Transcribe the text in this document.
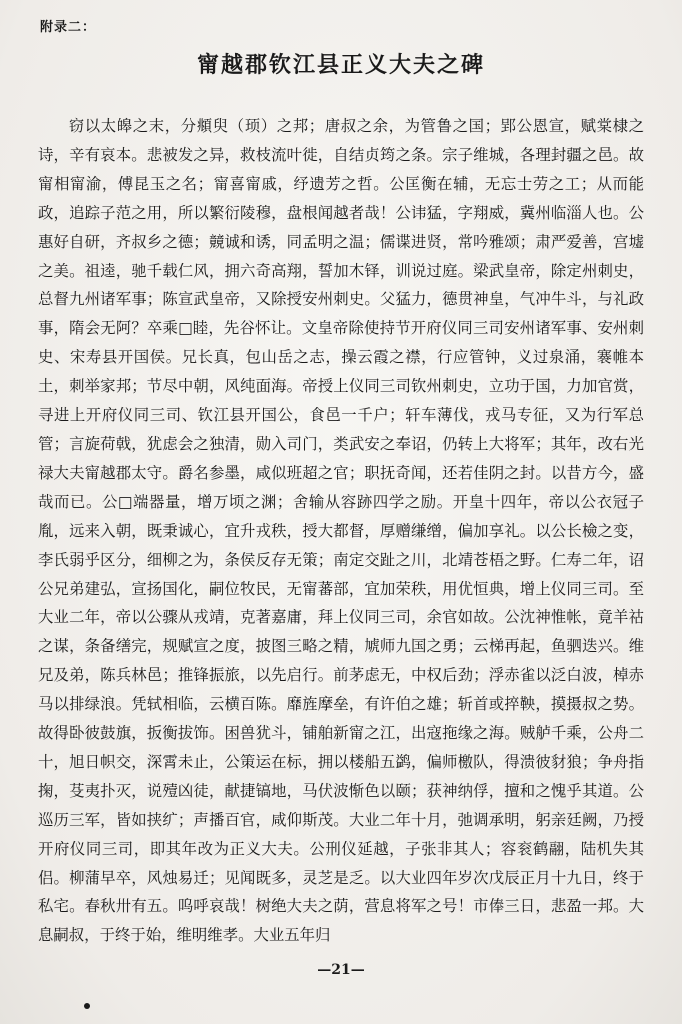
附录二：
甯越郡钦江县正义大夫之碑

窃以太皞之末，分頫臾（顼）之邦；唐叔之余，为管鲁之国；郢公恩宣，赋棠棣之诗，辛有哀本。悲被发之异，救枝流叶徙，自结贞筠之条。宗子维城，各理封疆之邑。故甯相甯渝，傅昆玉之名；甯喜甯戚，纾遗芳之哲。公匡衡在辅，无忘士劳之工；从而能政，追踪子范之用，所以繁衍陵穆，盘根闻越者哉！公讳猛，字翔威，冀州临淄人也。公惠好自研，齐叔乡之德；竸诚和诱，同孟明之温；儒谍进贤，常吟雅颂；肃严爱善，宫墟之美。祖逵，驰千载仁风，拥六奇高翔，誓加木铎，训说过庭。梁武皇帝，除定州刺史，总督九州诸军事；陈宣武皇帝，又除授安州刺史。父猛力，德贯神皇，气冲牛斗，与礼政事，隋会无阿？卒乘□睦，先谷怀让。文皇帝除使持节开府仪同三司安州诸军事、安州刺史、宋寿县开国侯。兄长真，包山岳之志，操云霞之襟，行应管钟，义过泉涌，褰帷本土，刺举家邦；节尽中朝，风纯面海。帝授上仪同三司钦州刺史，立功于国，力加官赏，寻进上开府仪同三司、钦江县开国公，食邑一千户；轩车薄伐，戎马专征，又为行军总管；言旋荷戟，犹虑会之独清，勋入司门，类武安之奉诏，仍转上大将军；其年，改右光禄大夫甯越郡太守。爵名参墨，咸似班超之官；职抚奇闻，还若佳阴之封。以昔方今，盛哉而已。公□端器量，增万顷之渊；舍输从容跡四学之励。开皇十四年，帝以公衣冠子胤，远来入朝，既秉诚心，宜升戎秩，授大都督，厚赠缣缯，偏加享礼。以公长檢之变，李氏弱乎区分，细柳之为，条侯反存无策；南定交趾之川，北靖苍梧之野。仁寿二年，诏公兄弟建弘，宣扬国化，嗣位牧民，无甯蕃部，宜加荣秩，用优恒典，增上仪同三司。至大业二年，帝以公骤从戎靖，克著嘉庸，拜上仪同三司，余官如故。公沈神惟帐，竟羊祜之谋，条备缮完，规赋宣之度，披图三略之精，虓师九国之勇；云梯再起，鱼驷迭兴。维兄及弟，陈兵林邑；推锋振旅，以先启行。前茅虑无，中权后劲；浮赤雀以泛白波，棹赤马以排绿浪。凭轼相临，云横百陈。靡旌摩垒，有许伯之雄；斩首或捽鞅，摸摄叔之势。故得卧彼鼓旗，扳衡拔饰。困兽犹斗，铺舶新甯之江，出寇拖缘之海。贼舻千乘，公舟二十，旭日帜交，深霄未止，公策运在标，拥以楼船五鹢，偏师檄队，得溃彼豺狼；争舟指掬，芟夷扑灭，说殪凶徒，献捷镐地，马伏波惭色以颐；获神纳俘，擅和之愧乎其道。公巡历三军，皆如挟纩；声播百官，咸仰斯茂。大业二年十月，弛调承明，躬亲廷阙，乃授开府仪同三司，即其年改为正义大夫。公刑仪延越，子张非其人；容衮鹤翮，陆机失其侣。柳蒲早卒，风烛易迁；见闻既多，灵芝是乏。以大业四年岁次戊辰正月十九日，终于私宅。春秋卅有五。呜呼哀哉！树绝大夫之荫，营息将军之号！市俸三日，悲盈一邦。大息嗣叔，于终于始，维明维孝。大业五年归

—21—
